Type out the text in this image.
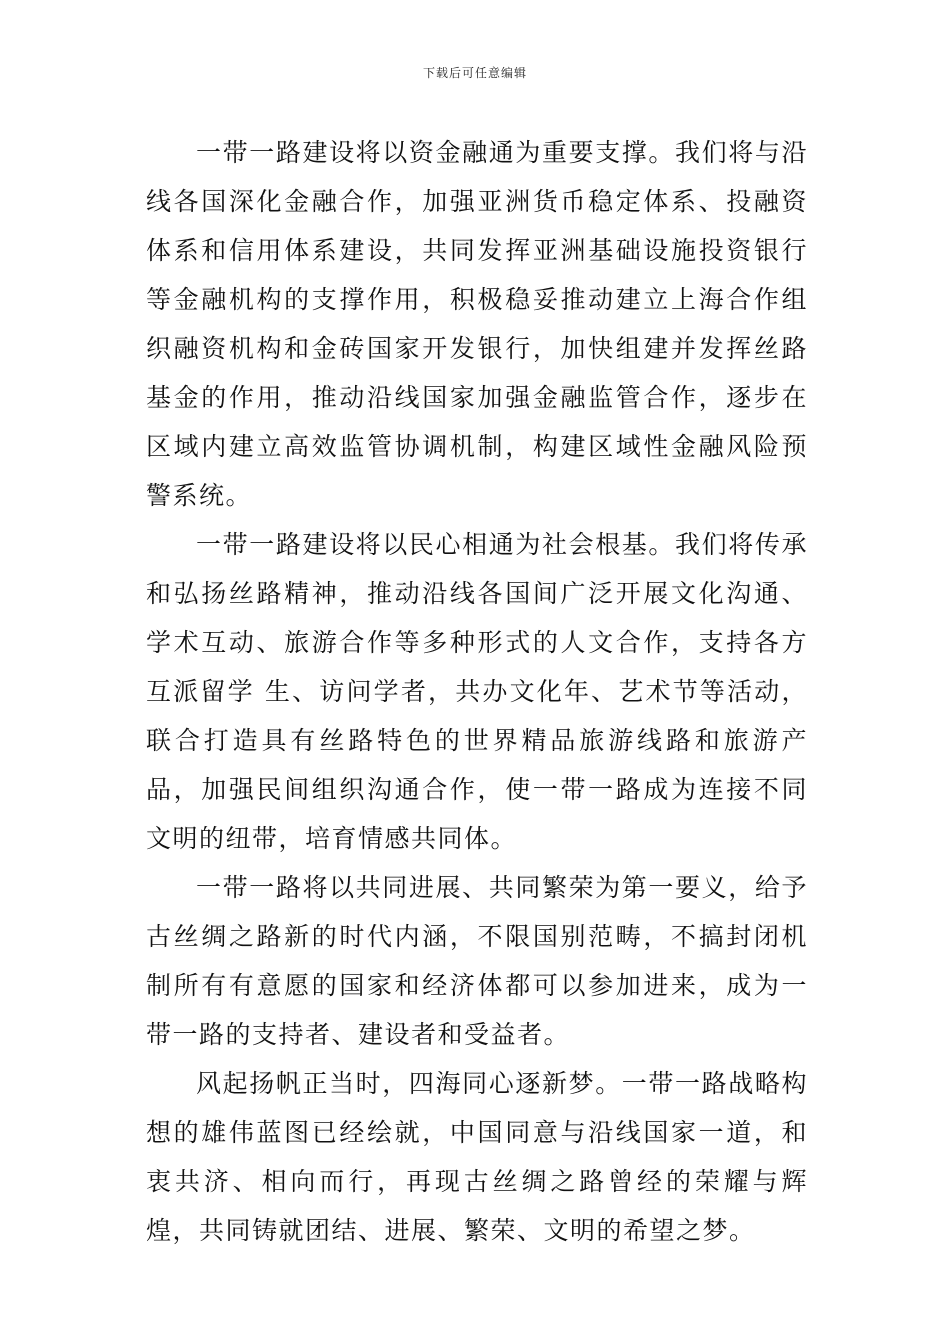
下载后可任意编辑

一带一路建设将以资金融通为重要支撑。我们将与沿线各国深化金融合作，加强亚洲货币稳定体系、投融资体系和信用体系建设，共同发挥亚洲基础设施投资银行等金融机构的支撑作用，积极稳妥推动建立上海合作组织融资机构和金砖国家开发银行，加快组建并发挥丝路基金的作用，推动沿线国家加强金融监管合作，逐步在区域内建立高效监管协调机制，构建区域性金融风险预警系统。

一带一路建设将以民心相通为社会根基。我们将传承和弘扬丝路精神，推动沿线各国间广泛开展文化沟通、学术互动、旅游合作等多种形式的人文合作，支持各方互派留学 生、访问学者，共办文化年、艺术节等活动，联合打造具有丝路特色的世界精品旅游线路和旅游产品，加强民间组织沟通合作，使一带一路成为连接不同文明的纽带，培育情感共同体。

一带一路将以共同进展、共同繁荣为第一要义，给予古丝绸之路新的时代内涵，不限国别范畴，不搞封闭机制所有有意愿的国家和经济体都可以参加进来，成为一带一路的支持者、建设者和受益者。

风起扬帆正当时，四海同心逐新梦。一带一路战略构想的雄伟蓝图已经绘就，中国同意与沿线国家一道，和衷共济、相向而行，再现古丝绸之路曾经的荣耀与辉煌，共同铸就团结、进展、繁荣、文明的希望之梦。
